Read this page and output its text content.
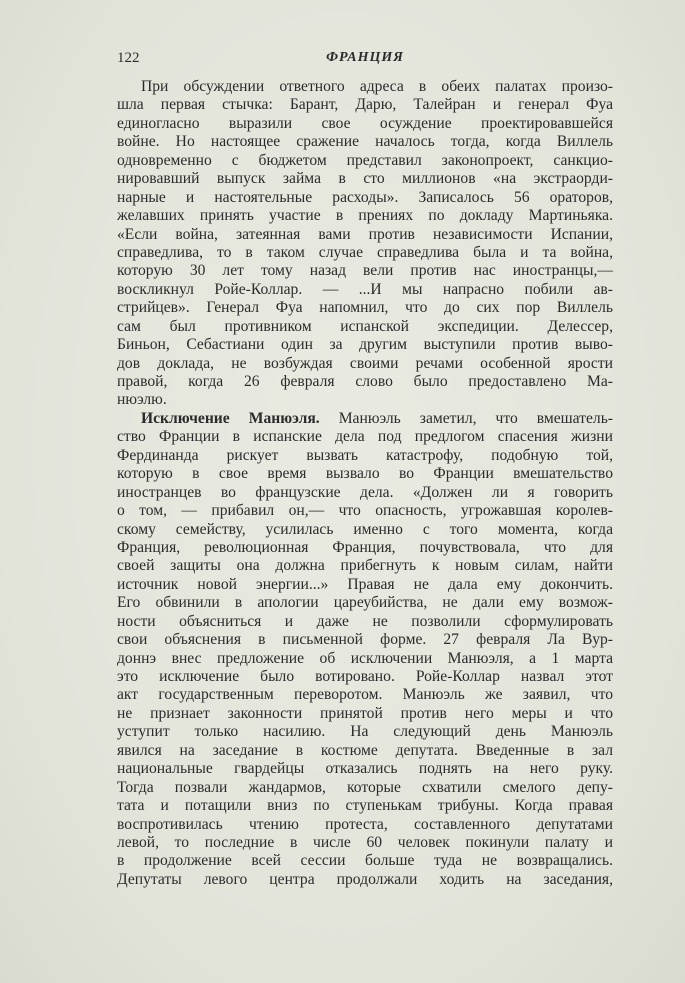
122	ФРАНЦИЯ
При обсуждении ответного адреса в обеих палатах произо-
шла первая стычка: Барант, Дарю, Талейран и генерал Фуа
единогласно выразили свое осуждение проектировавшейся
войне. Но настоящее сражение началось тогда, когда Виллель
одновременно с бюджетом представил законопроект, санкцио-
нировавший выпуск займа в сто миллионов «на экстраорди-
нарные и настоятельные расходы». Записалось 56 ораторов,
желавших принять участие в прениях по докладу Мартиньяка.
«Если война, затеянная вами против независимости Испании,
справедлива, то в таком случае справедлива была и та война,
которую 30 лет тому назад вели против нас иностранцы,—
воскликнул Ройе-Коллар. — ...И мы напрасно побили ав-
стрийцев». Генерал Фуа напомнил, что до сих пор Виллель
сам был противником испанской экспедиции. Делессер,
Биньон, Себастиани один за другим выступили против выво-
дов доклада, не возбуждая своими речами особенной ярости
правой, когда 26 февраля слово было предоставлено Ма-
нюэлю.
Исключение Манюэля. Манюэль заметил, что вмешатель-
ство Франции в испанские дела под предлогом спасения жизни
Фердинанда рискует вызвать катастрофу, подобную той,
которую в свое время вызвало во Франции вмешательство
иностранцев во французские дела. «Должен ли я говорить
о том, — прибавил он,— что опасность, угрожавшая королев-
скому семейству, усилилась именно с того момента, когда
Франция, революционная Франция, почувствовала, что для
своей защиты она должна прибегнуть к новым силам, найти
источник новой энергии...» Правая не дала ему докончить.
Его обвинили в апологии цареубийства, не дали ему возмож-
ности объясниться и даже не позволили сформулировать
свои объяснения в письменной форме. 27 февраля Ла Вур-
доннэ внес предложение об исключении Манюэля, а 1 марта
это исключение было вотировано. Ройе-Коллар назвал этот
акт государственным переворотом. Манюэль же заявил, что
не признает законности принятой против него меры и что
уступит только насилию. На следующий день Манюэль
явился на заседание в костюме депутата. Введенные в зал
национальные гвардейцы отказались поднять на него руку.
Тогда позвали жандармов, которые схватили смелого депу-
тата и потащили вниз по ступенькам трибуны. Когда правая
воспротивилась чтению протеста, составленного депутатами
левой, то последние в числе 60 человек покинули палату и
в продолжение всей сессии больше туда не возвращались.
Депутаты левого центра продолжали ходить на заседания,
